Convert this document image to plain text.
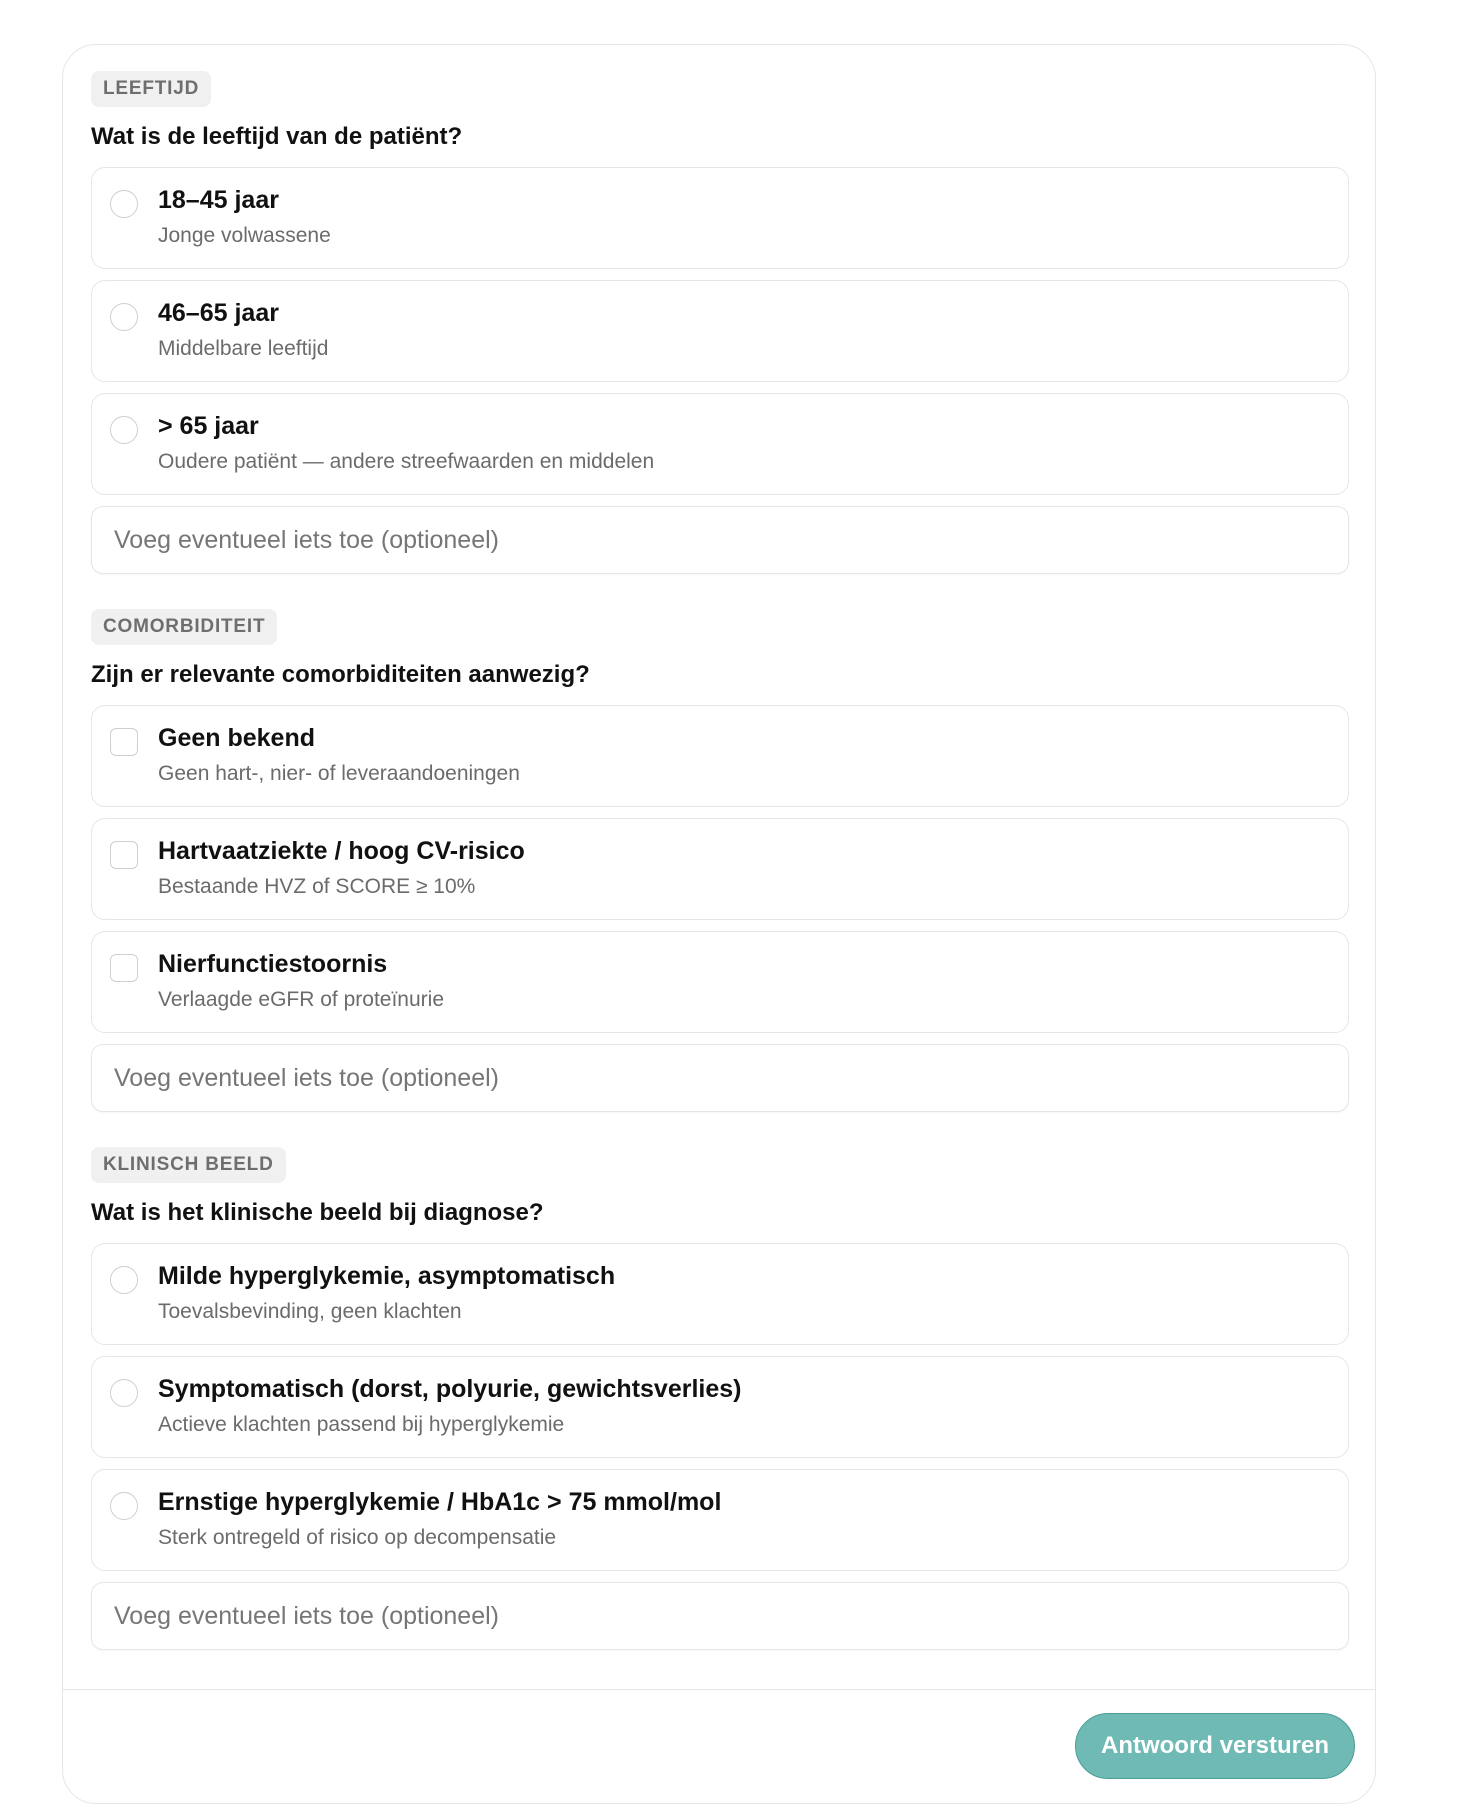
LEEFTIJD
Wat is de leeftijd van de patiënt?
18–45 jaar
Jonge volwassene
46–65 jaar
Middelbare leeftijd
> 65 jaar
Oudere patiënt — andere streefwaarden en middelen
Voeg eventueel iets toe (optioneel)
COMORBIDITEIT
Zijn er relevante comorbiditeiten aanwezig?
Geen bekend
Geen hart-, nier- of leveraandoeningen
Hartvaatziekte / hoog CV-risico
Bestaande HVZ of SCORE ≥ 10%
Nierfunctiestoornis
Verlaagde eGFR of proteïnurie
Voeg eventueel iets toe (optioneel)
KLINISCH BEELD
Wat is het klinische beeld bij diagnose?
Milde hyperglykemie, asymptomatisch
Toevalsbevinding, geen klachten
Symptomatisch (dorst, polyurie, gewichtsverlies)
Actieve klachten passend bij hyperglykemie
Ernstige hyperglykemie / HbA1c > 75 mmol/mol
Sterk ontregeld of risico op decompensatie
Voeg eventueel iets toe (optioneel)
Antwoord versturen
